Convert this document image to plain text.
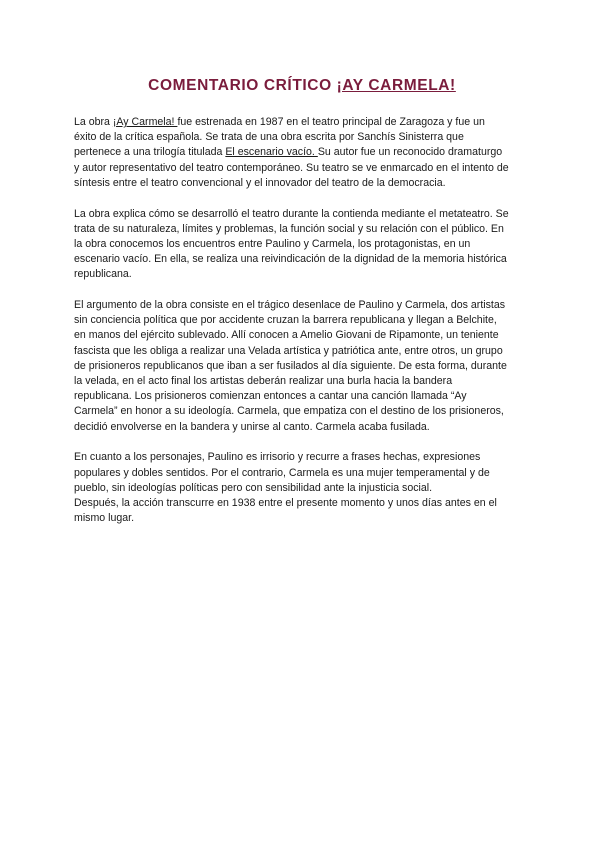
COMENTARIO CRÍTICO ¡AY CARMELA!

La obra ¡Ay Carmela! fue estrenada en 1987 en el teatro principal de Zaragoza y fue un
éxito de la crítica española. Se trata de una obra escrita por Sanchís Sinisterra que
pertenece a una trilogía titulada El escenario vacío. Su autor fue un reconocido dramaturgo
y autor representativo del teatro contemporáneo. Su teatro se ve enmarcado en el intento de
síntesis entre el teatro convencional y el innovador del teatro de la democracia.

La obra explica cómo se desarrolló el teatro durante la contienda mediante el metateatro. Se
trata de su naturaleza, límites y problemas, la función social y su relación con el público. En
la obra conocemos los encuentros entre Paulino y Carmela, los protagonistas, en un
escenario vacío. En ella, se realiza una reivindicación de la dignidad de la memoria histórica
republicana.

El argumento de la obra consiste en el trágico desenlace de Paulino y Carmela, dos artistas
sin conciencia política que por accidente cruzan la barrera republicana y llegan a Belchite,
en manos del ejército sublevado. Allí conocen a Amelio Giovani de Ripamonte, un teniente
fascista que les obliga a realizar una Velada artística y patriótica ante, entre otros, un grupo
de prisioneros republicanos que iban a ser fusilados al día siguiente. De esta forma, durante
la velada, en el acto final los artistas deberán realizar una burla hacia la bandera
republicana. Los prisioneros comienzan entonces a cantar una canción llamada “Ay
Carmela” en honor a su ideología. Carmela, que empatiza con el destino de los prisioneros,
decidió envolverse en la bandera y unirse al canto. Carmela acaba fusilada.

En cuanto a los personajes, Paulino es irrisorio y recurre a frases hechas, expresiones
populares y dobles sentidos. Por el contrario, Carmela es una mujer temperamental y de
pueblo, sin ideologías políticas pero con sensibilidad ante la injusticia social.
Después, la acción transcurre en 1938 entre el presente momento y unos días antes en el
mismo lugar.
